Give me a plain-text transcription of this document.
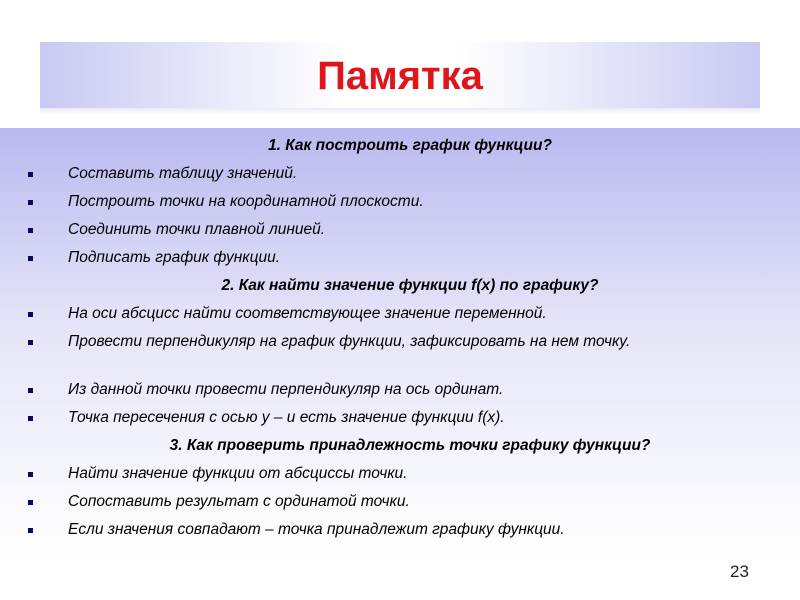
Памятка
1. Как построить график функции?
Составить таблицу значений.
Построить точки на координатной плоскости.
Соединить точки плавной линией.
Подписать график функции.
2. Как найти значение функции f(x) по графику?
На оси абсцисс найти соответствующее значение переменной.
Провести перпендикуляр на график функции, зафиксировать на нем точку.
Из данной точки провести перпендикуляр на ось ординат.
Точка пересечения с осью y – и есть значение функции f(x).
3. Как проверить принадлежность точки графику функции?
Найти значение функции от абсциссы точки.
Сопоставить результат с ординатой точки.
Если значения совпадают – точка принадлежит графику функции.
23
